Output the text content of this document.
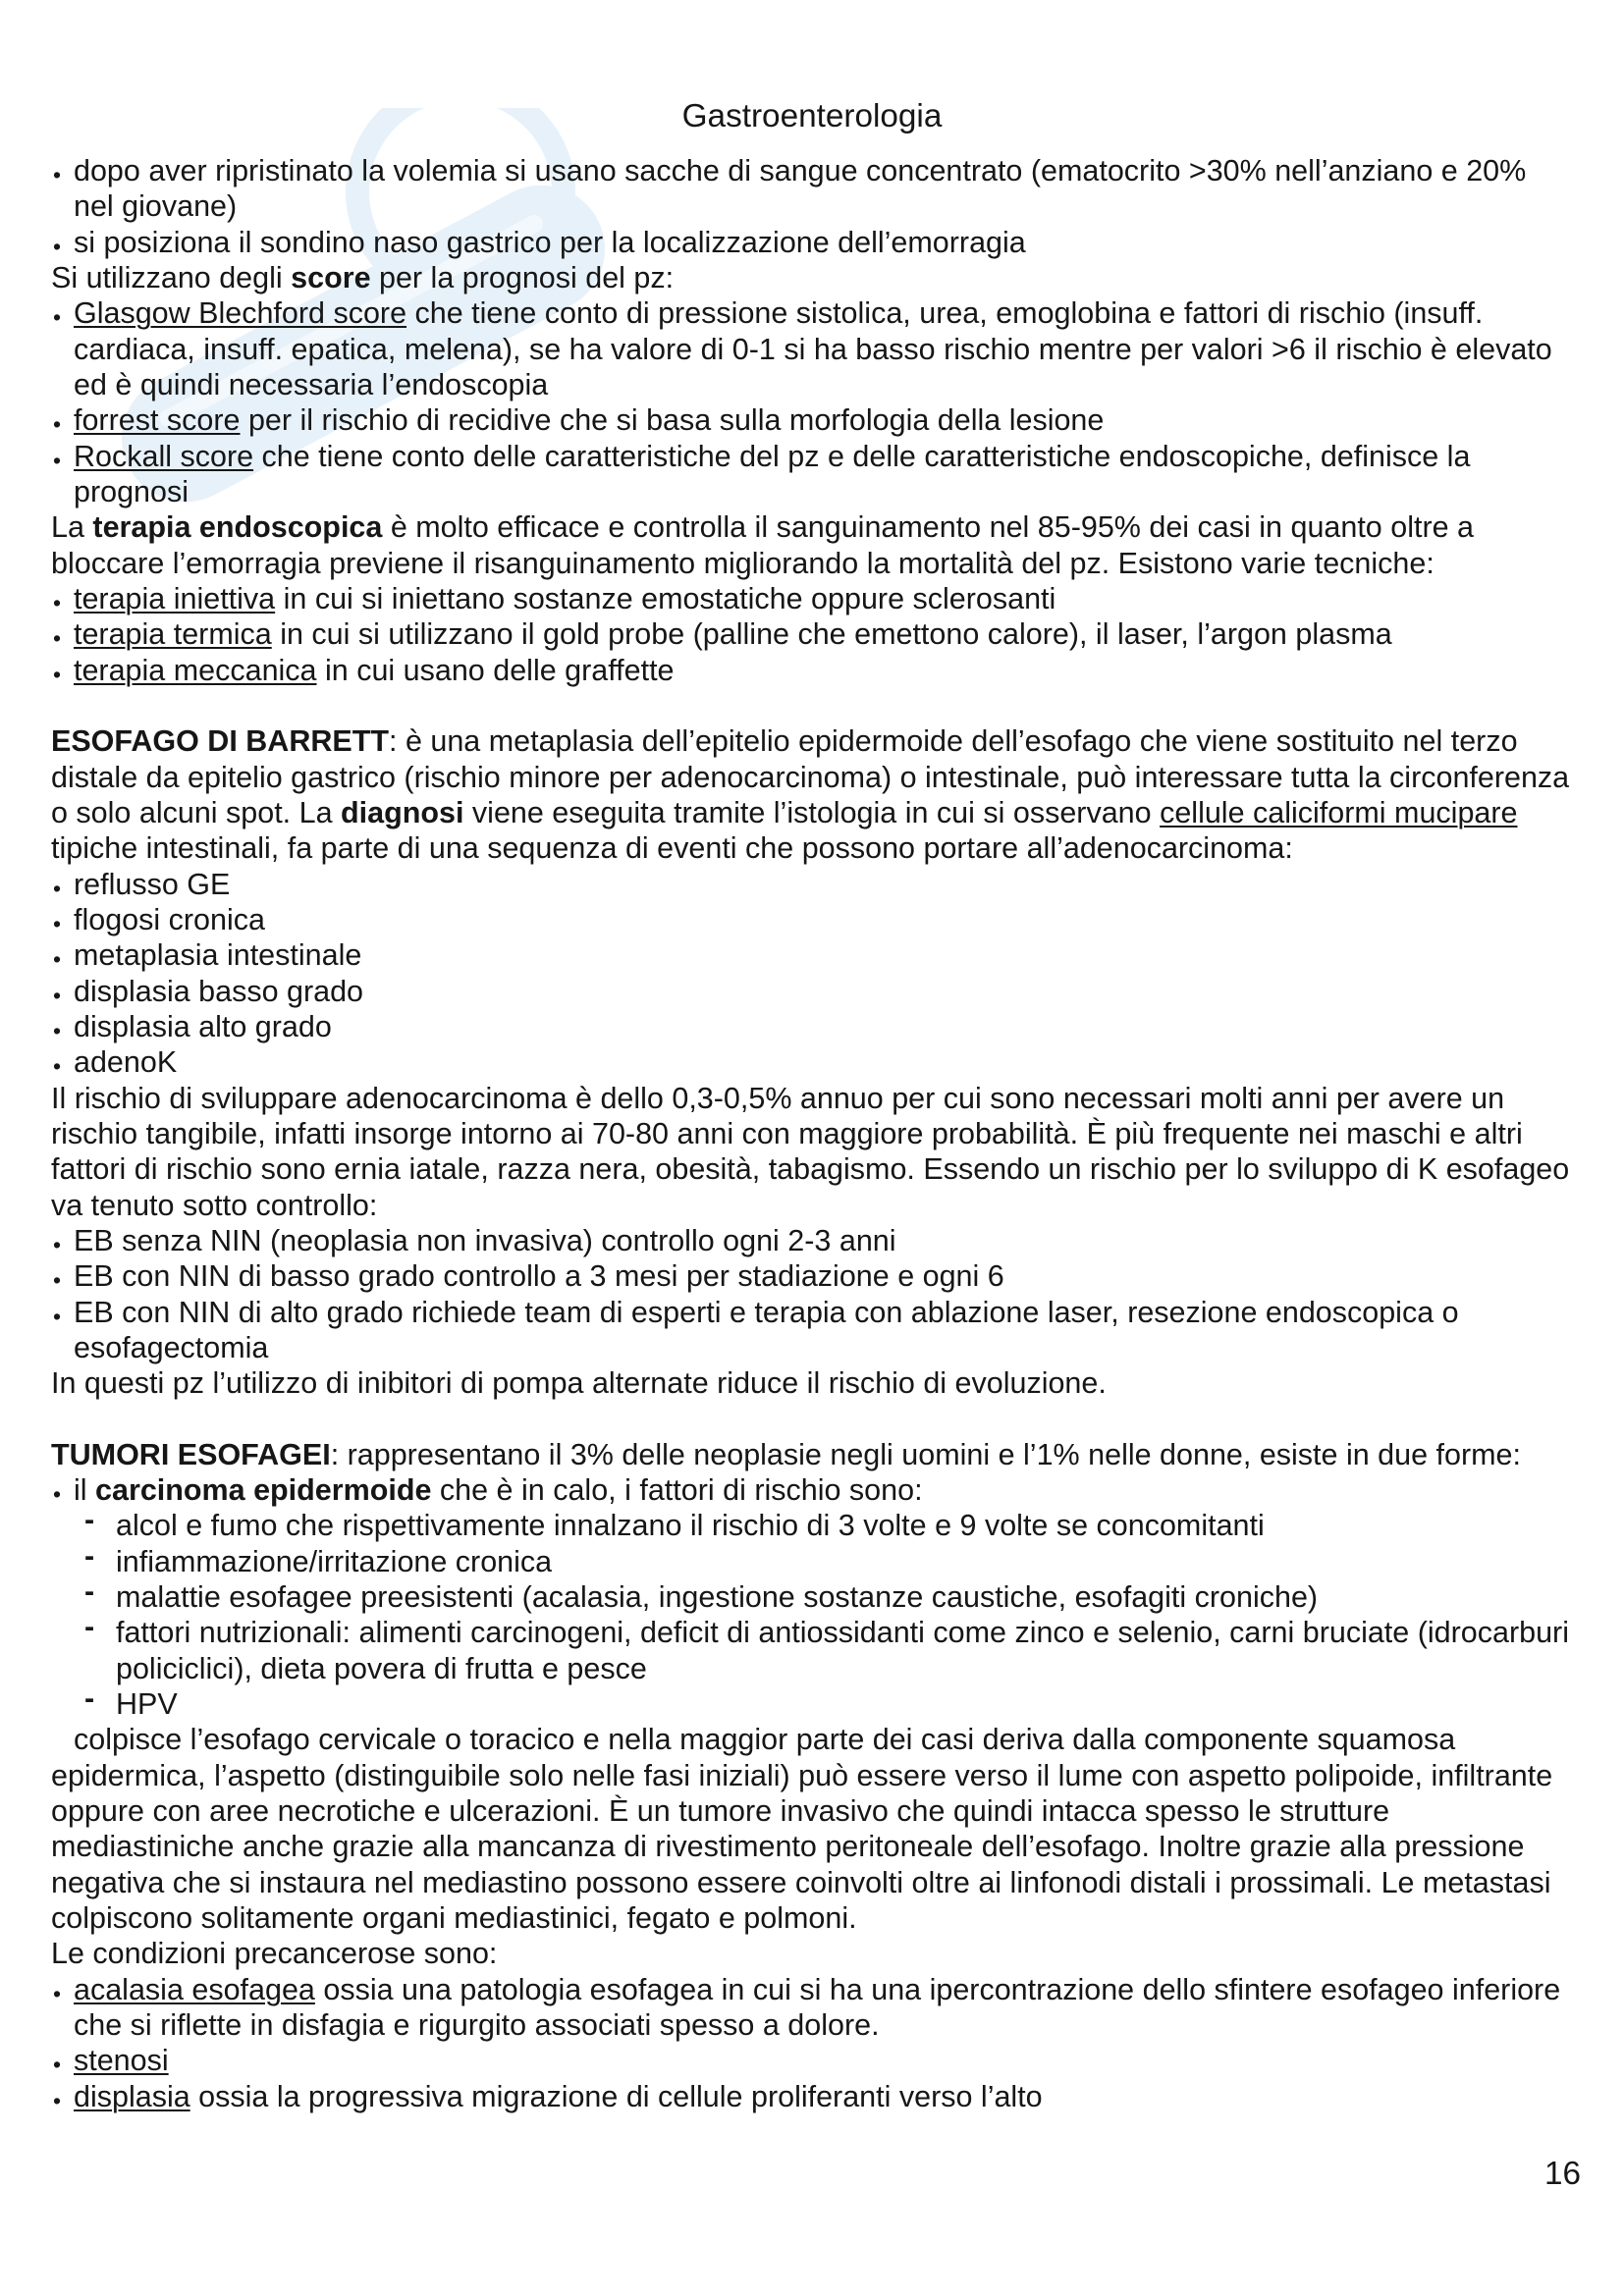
Gastroenterologia
• dopo aver ripristinato la volemia si usano sacche di sangue concentrato (ematocrito >30% nell’anziano e 20%
nel giovane)
• si posiziona il sondino naso gastrico per la localizzazione dell’emorragia
Si utilizzano degli score per la prognosi del pz:
• Glasgow Blechford score che tiene conto di pressione sistolica, urea, emoglobina e fattori di rischio (insuff.
cardiaca, insuff. epatica, melena), se ha valore di 0-1 si ha basso rischio mentre per valori >6 il rischio è elevato
ed è quindi necessaria l’endoscopia
• forrest score per il rischio di recidive che si basa sulla morfologia della lesione
• Rockall score che tiene conto delle caratteristiche del pz e delle caratteristiche endoscopiche, definisce la
prognosi
La terapia endoscopica è molto efficace e controlla il sanguinamento nel 85-95% dei casi in quanto oltre a
bloccare l’emorragia previene il risanguinamento migliorando la mortalità del pz. Esistono varie tecniche:
• terapia iniettiva in cui si iniettano sostanze emostatiche oppure sclerosanti
• terapia termica in cui si utilizzano il gold probe (palline che emettono calore), il laser, l’argon plasma
• terapia meccanica in cui usano delle graffette
ESOFAGO DI BARRETT: è una metaplasia dell’epitelio epidermoide dell’esofago che viene sostituito nel terzo
distale da epitelio gastrico (rischio minore per adenocarcinoma) o intestinale, può interessare tutta la circonferenza
o solo alcuni spot. La diagnosi viene eseguita tramite l’istologia in cui si osservano cellule caliciformi mucipare
tipiche intestinali, fa parte di una sequenza di eventi che possono portare all’adenocarcinoma:
• reflusso GE
• flogosi cronica
• metaplasia intestinale
• displasia basso grado
• displasia alto grado
• adenoK
Il rischio di sviluppare adenocarcinoma è dello 0,3-0,5% annuo per cui sono necessari molti anni per avere un
rischio tangibile, infatti insorge intorno ai 70-80 anni con maggiore probabilità. È più frequente nei maschi e altri
fattori di rischio sono ernia iatale, razza nera, obesità, tabagismo. Essendo un rischio per lo sviluppo di K esofageo
va tenuto sotto controllo:
• EB senza NIN (neoplasia non invasiva) controllo ogni 2-3 anni
• EB con NIN di basso grado controllo a 3 mesi per stadiazione e ogni 6
• EB con NIN di alto grado richiede team di esperti e terapia con ablazione laser, resezione endoscopica o
esofagectomia
In questi pz l’utilizzo di inibitori di pompa alternate riduce il rischio di evoluzione.
TUMORI ESOFAGEI: rappresentano il 3% delle neoplasie negli uomini e l’1% nelle donne, esiste in due forme:
• il carcinoma epidermoide che è in calo, i fattori di rischio sono:
- alcol e fumo che rispettivamente innalzano il rischio di 3 volte e 9 volte se concomitanti
- infiammazione/irritazione cronica
- malattie esofagee preesistenti (acalasia, ingestione sostanze caustiche, esofagiti croniche)
- fattori nutrizionali: alimenti carcinogeni, deficit di antiossidanti come zinco e selenio, carni bruciate (idrocarburi
policiclici), dieta povera di frutta e pesce
- HPV
colpisce l’esofago cervicale o toracico e nella maggior parte dei casi deriva dalla componente squamosa
epidermica, l’aspetto (distinguibile solo nelle fasi iniziali) può essere verso il lume con aspetto polipoide, infiltrante
oppure con aree necrotiche e ulcerazioni. È un tumore invasivo che quindi intacca spesso le strutture
mediastiniche anche grazie alla mancanza di rivestimento peritoneale dell’esofago. Inoltre grazie alla pressione
negativa che si instaura nel mediastino possono essere coinvolti oltre ai linfonodi distali i prossimali. Le metastasi
colpiscono solitamente organi mediastinici, fegato e polmoni.
Le condizioni precancerose sono:
• acalasia esofagea ossia una patologia esofagea in cui si ha una ipercontrazione dello sfintere esofageo inferiore
che si riflette in disfagia e rigurgito associati spesso a dolore.
• stenosi
• displasia ossia la progressiva migrazione di cellule proliferanti verso l’alto
16
